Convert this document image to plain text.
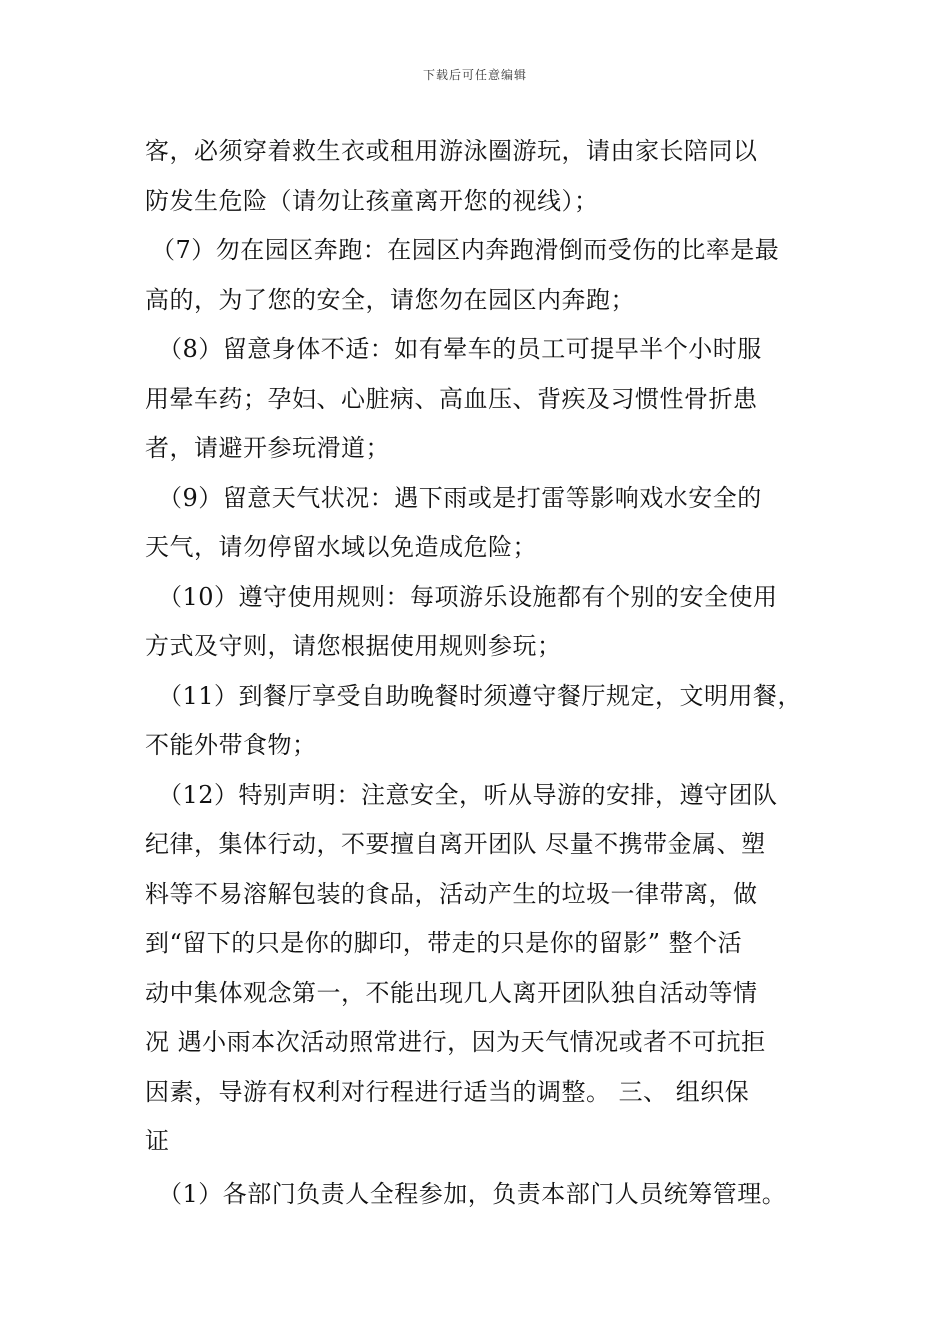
下载后可任意编辑
客，必须穿着救生衣或租用游泳圈游玩，请由家长陪同以
防发生危险（请勿让孩童离开您的视线）；
（7）勿在园区奔跑：在园区内奔跑滑倒而受伤的比率是最
高的，为了您的安全，请您勿在园区内奔跑；
（8）留意身体不适：如有晕车的员工可提早半个小时服
用晕车药；孕妇、心脏病、高血压、背疾及习惯性骨折患
者，请避开参玩滑道；
（9）留意天气状况：遇下雨或是打雷等影响戏水安全的
天气，请勿停留水域以免造成危险；
（10）遵守使用规则：每项游乐设施都有个别的安全使用
方式及守则，请您根据使用规则参玩；
（11）到餐厅享受自助晚餐时须遵守餐厅规定，文明用餐，
不能外带食物；
（12）特别声明：注意安全，听从导游的安排，遵守团队
纪律，集体行动，不要擅自离开团队 尽量不携带金属、塑
料等不易溶解包装的食品，活动产生的垃圾一律带离，做
到“留下的只是你的脚印，带走的只是你的留影” 整个活
动中集体观念第一，不能出现几人离开团队独自活动等情
况 遇小雨本次活动照常进行，因为天气情况或者不可抗拒
因素，导游有权利对行程进行适当的调整。 三、 组织保
证
（1）各部门负责人全程参加，负责本部门人员统筹管理。
